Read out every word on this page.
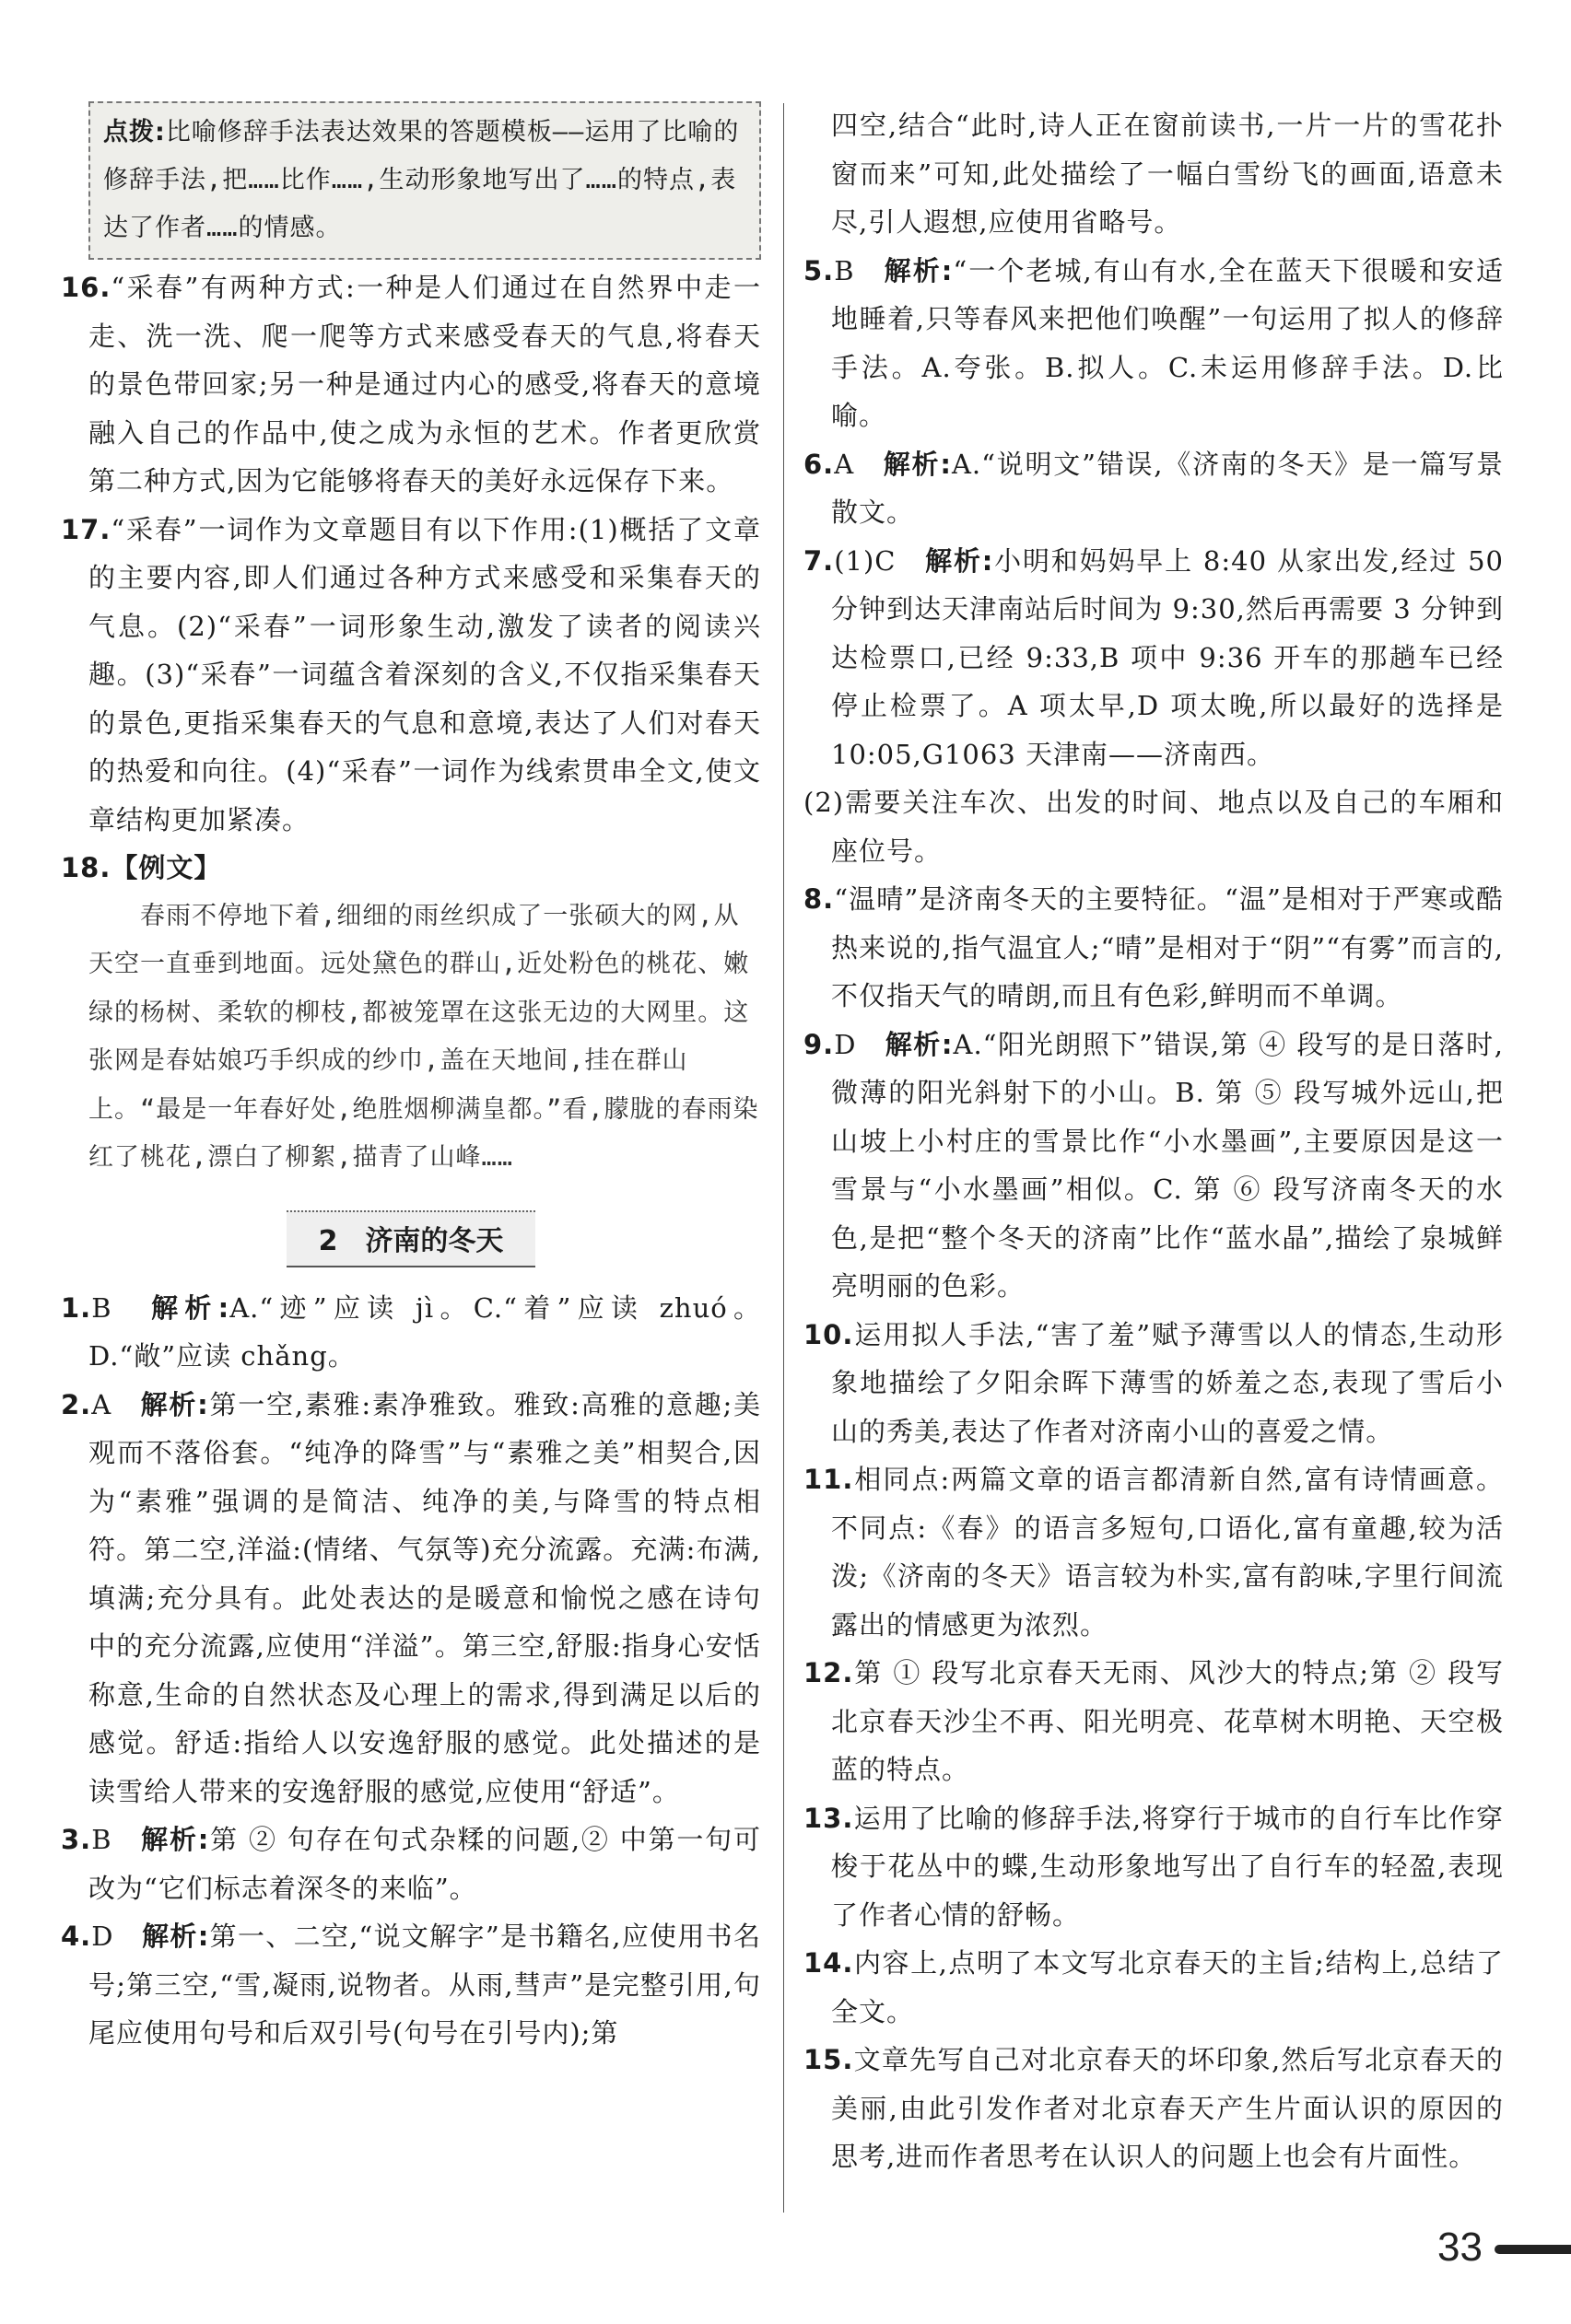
点拨:比喻修辞手法表达效果的答题模板——运用了比喻的修辞手法,把……比作……,生动形象地写出了……的特点,表达了作者……的情感。

16.“采春”有两种方式:一种是人们通过在自然界中走一走、洗一洗、爬一爬等方式来感受春天的气息,将春天的景色带回家;另一种是通过内心的感受,将春天的意境融入自己的作品中,使之成为永恒的艺术。作者更欣赏第二种方式,因为它能够将春天的美好永远保存下来。

17.“采春”一词作为文章题目有以下作用:(1)概括了文章的主要内容,即人们通过各种方式来感受和采集春天的气息。(2)“采春”一词形象生动,激发了读者的阅读兴趣。(3)“采春”一词蕴含着深刻的含义,不仅指采集春天的景色,更指采集春天的气息和意境,表达了人们对春天的热爱和向往。(4)“采春”一词作为线索贯串全文,使文章结构更加紧凑。

18.【例文】

春雨不停地下着,细细的雨丝织成了一张硕大的网,从天空一直垂到地面。远处黛色的群山,近处粉色的桃花、嫩绿的杨树、柔软的柳枝,都被笼罩在这张无边的大网里。这张网是春姑娘巧手织成的纱巾,盖在天地间,挂在群山上。“最是一年春好处,绝胜烟柳满皇都。”看,朦胧的春雨染红了桃花,漂白了柳絮,描青了山峰……

2　济南的冬天

1.B　 解析:A.“迹”应读 jì。C.“着”应读 zhuó。D.“敞”应读 chǎng。

2.A　 解析:第一空,素雅:素净雅致。雅致:高雅的意趣;美观而不落俗套。“纯净的降雪”与“素雅之美”相契合,因为“素雅”强调的是简洁、纯净的美,与降雪的特点相符。第二空,洋溢:(情绪、气氛等)充分流露。充满:布满,填满;充分具有。此处表达的是暖意和愉悦之感在诗句中的充分流露,应使用“洋溢”。第三空,舒服:指身心安恬称意,生命的自然状态及心理上的需求,得到满足以后的感觉。舒适:指给人以安逸舒服的感觉。此处描述的是读雪给人带来的安逸舒服的感觉,应使用“舒适”。

3.B　 解析:第 ② 句存在句式杂糅的问题,② 中第一句可改为“它们标志着深冬的来临”。

4.D　 解析:第一、二空,“说文解字”是书籍名,应使用书名号;第三空,“雪,凝雨,说物者。从雨,彗声”是完整引用,句尾应使用句号和后双引号(句号在引号内);第

四空,结合“此时,诗人正在窗前读书,一片一片的雪花扑窗而来”可知,此处描绘了一幅白雪纷飞的画面,语意未尽,引人遐想,应使用省略号。

5.B　 解析:“一个老城,有山有水,全在蓝天下很暖和安适地睡着,只等春风来把他们唤醒”一句运用了拟人的修辞手法。A.夸张。B.拟人。C.未运用修辞手法。D.比喻。

6.A　 解析:A.“说明文”错误,《济南的冬天》是一篇写景散文。

7.(1)C　 解析:小明和妈妈早上 8:40 从家出发,经过 50 分钟到达天津南站后时间为 9:30,然后再需要 3 分钟到达检票口,已经 9:33,B 项中 9:36 开车的那趟车已经停止检票了。A 项太早,D 项太晚,所以最好的选择是 10:05,G1063 天津南——济南西。

(2)需要关注车次、出发的时间、地点以及自己的车厢和座位号。

8.“温晴”是济南冬天的主要特征。“温”是相对于严寒或酷热来说的,指气温宜人;“晴”是相对于“阴”“有雾”而言的,不仅指天气的晴朗,而且有色彩,鲜明而不单调。

9.D　 解析:A.“阳光朗照下”错误,第 ④ 段写的是日落时,微薄的阳光斜射下的小山。B. 第 ⑤ 段写城外远山,把山坡上小村庄的雪景比作“小水墨画”,主要原因是这一雪景与“小水墨画”相似。C. 第 ⑥ 段写济南冬天的水色,是把“整个冬天的济南”比作“蓝水晶”,描绘了泉城鲜亮明丽的色彩。

10.运用拟人手法,“害了羞”赋予薄雪以人的情态,生动形象地描绘了夕阳余晖下薄雪的娇羞之态,表现了雪后小山的秀美,表达了作者对济南小山的喜爱之情。

11.相同点:两篇文章的语言都清新自然,富有诗情画意。不同点:《春》的语言多短句,口语化,富有童趣,较为活泼;《济南的冬天》语言较为朴实,富有韵味,字里行间流露出的情感更为浓烈。

12.第 ① 段写北京春天无雨、风沙大的特点;第 ② 段写北京春天沙尘不再、阳光明亮、花草树木明艳、天空极蓝的特点。

13.运用了比喻的修辞手法,将穿行于城市的自行车比作穿梭于花丛中的蝶,生动形象地写出了自行车的轻盈,表现了作者心情的舒畅。

14.内容上,点明了本文写北京春天的主旨;结构上,总结了全文。

15.文章先写自己对北京春天的坏印象,然后写北京春天的美丽,由此引发作者对北京春天产生片面认识的原因的思考,进而作者思考在认识人的问题上也会有片面性。

33
